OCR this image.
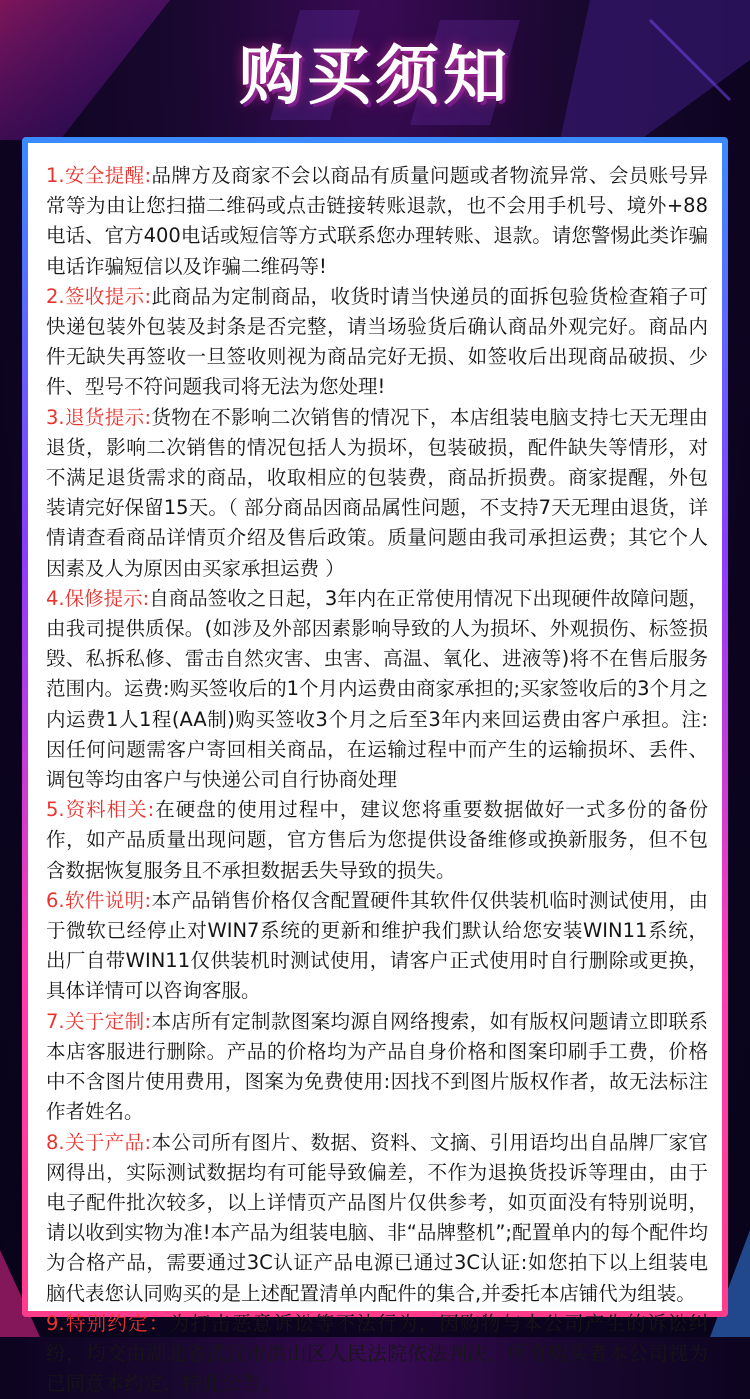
购买须知

1.安全提醒:品牌方及商家不会以商品有质量问题或者物流异常、会员账号异常等为由让您扫描二维码或点击链接转账退款，也不会用手机号、境外+88电话、官方400电话或短信等方式联系您办理转账、退款。请您警惕此类诈骗电话诈骗短信以及诈骗二维码等!

2.签收提示:此商品为定制商品，收货时请当快递员的面拆包验货检查箱子可快递包装外包装及封条是否完整，请当场验货后确认商品外观完好。商品内件无缺失再签收一旦签收则视为商品完好无损、如签收后出现商品破损、少件、型号不符问题我司将无法为您处理!

3.退货提示:货物在不影响二次销售的情况下，本店组装电脑支持七天无理由退货，影响二次销售的情况包括人为损坏，包装破损，配件缺失等情形，对不满足退货需求的商品，收取相应的包装费，商品折损费。商家提醒，外包装请完好保留15天。（ 部分商品因商品属性问题，不支持7天无理由退货，详情请查看商品详情页介绍及售后政策。质量问题由我司承担运费；其它个人因素及人为原因由买家承担运费 ）

4.保修提示:自商品签收之日起，3年内在正常使用情况下出现硬件故障问题，由我司提供质保。(如涉及外部因素影响导致的人为损坏、外观损伤、标签损毁、私拆私修、雷击自然灾害、虫害、高温、氧化、进液等)将不在售后服务范围内。运费:购买签收后的1个月内运费由商家承担的;买家签收后的3个月之内运费1人1程(AA制)购买签收3个月之后至3年内来回运费由客户承担。注:因任何问题需客户寄回相关商品，在运输过程中而产生的运输损坏、丢件、调包等均由客户与快递公司自行协商处理

5.资料相关:在硬盘的使用过程中，建议您将重要数据做好一式多份的备份作，如产品质量出现问题，官方售后为您提供设备维修或换新服务，但不包含数据恢复服务且不承担数据丢失导致的损失。

6.软件说明:本产品销售价格仅含配置硬件其软件仅供装机临时测试使用，由于微软已经停止对WIN7系统的更新和维护我们默认给您安装WIN11系统，出厂自带WIN11仅供装机时测试使用，请客户正式使用时自行删除或更换，具体详情可以咨询客服。

7.关于定制:本店所有定制款图案均源自网络搜索，如有版权问题请立即联系本店客服进行删除。产品的价格均为产品自身价格和图案印刷手工费，价格中不含图片使用费用，图案为免费使用:因找不到图片版权作者，故无法标注作者姓名。

8.关于产品:本公司所有图片、数据、资料、文摘、引用语均出自品牌厂家官网得出，实际测试数据均有可能导致偏差，不作为退换货投诉等理由，由于电子配件批次较多，以上详情页产品图片仅供参考，如页面没有特别说明，请以收到实物为准!本产品为组装电脑、非“品牌整机”;配置单内的每个配件均为合格产品，需要通过3C认证产品电源已通过3C认证:如您拍下以上组装电脑代表您认同购买的是上述配置清单内配件的集合,并委托本店铺代为组装。

9.特别约定：为打击恶意诉讼等不法行为，因购物与本公司产生的诉讼纠纷，均交由湖北省武汉市洪山区人民法院依法判决，所有购买者本公司视为已同意本约定，特此公告。
